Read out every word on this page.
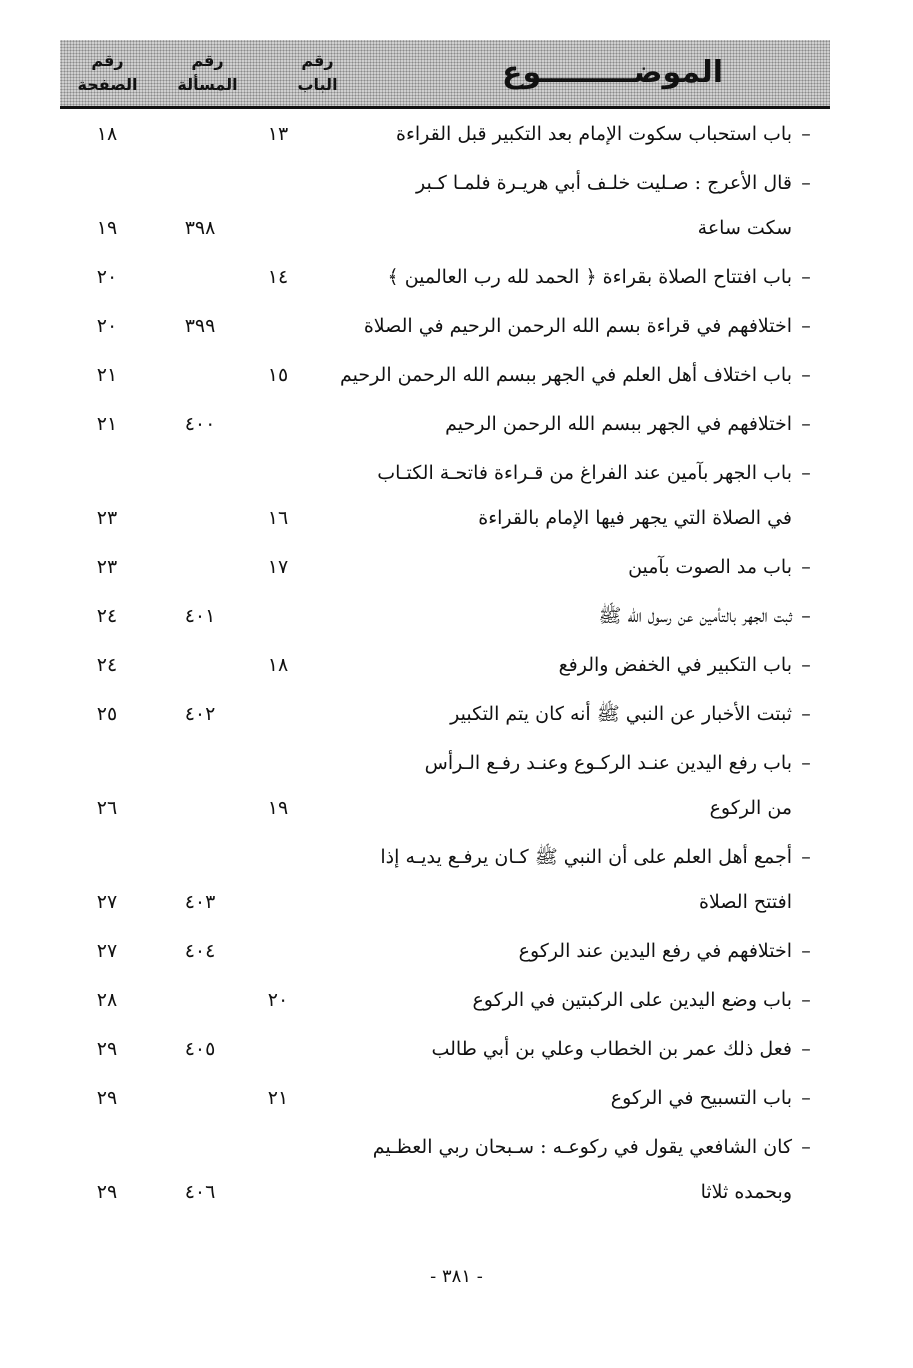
الموضـــــــــوع
رقم
الباب
رقم
المسألة
رقم
الصفحة
–باب استحباب سكوت الإمام بعد التكبير قبل القراءة
١٣
١٨
–قال الأعرج : صـليت خلـف أبي هريـرة فلمـا كـبر
سكت ساعة
٣٩٨
١٩
–باب افتتاح الصلاة بقراءة ﴿ الحمد لله رب العالمين ﴾
١٤
٢٠
–اختلافهم في قراءة بسم الله الرحمن الرحيم في الصلاة
٣٩٩
٢٠
–باب اختلاف أهل العلم في الجهر ببسم الله الرحمن الرحيم
١٥
٢١
–اختلافهم في الجهر ببسم الله الرحمن الرحيم
٤٠٠
٢١
–باب الجهر بآمين عند الفراغ من قـراءة فاتحـة الكتـاب
في الصلاة التي يجهر فيها الإمام بالقراءة
١٦
٢٣
–باب مد الصوت بآمين
١٧
٢٣
–ثبت الجهر بالتأمين عن رسول الله ﷺ
٤٠١
٢٤
–باب التكبير في الخفض والرفع
١٨
٢٤
–ثبتت الأخبار عن النبي ﷺ أنه كان يتم التكبير
٤٠٢
٢٥
–باب رفع اليدين عنـد الركـوع وعنـد رفـع الـرأس
من الركوع
١٩
٢٦
–أجمع أهل العلم على أن النبي ﷺ كـان يرفـع يديـه إذا
افتتح الصلاة
٤٠٣
٢٧
–اختلافهم في رفع اليدين عند الركوع
٤٠٤
٢٧
–باب وضع اليدين على الركبتين في الركوع
٢٠
٢٨
–فعل ذلك عمر بن الخطاب وعلي بن أبي طالب
٤٠٥
٢٩
–باب التسبيح في الركوع
٢١
٢٩
–كان الشافعي يقول في ركوعـه : سـبحان ربي العظـيم
وبحمده ثلاثا
٤٠٦
٢٩
- ٣٨١ -
